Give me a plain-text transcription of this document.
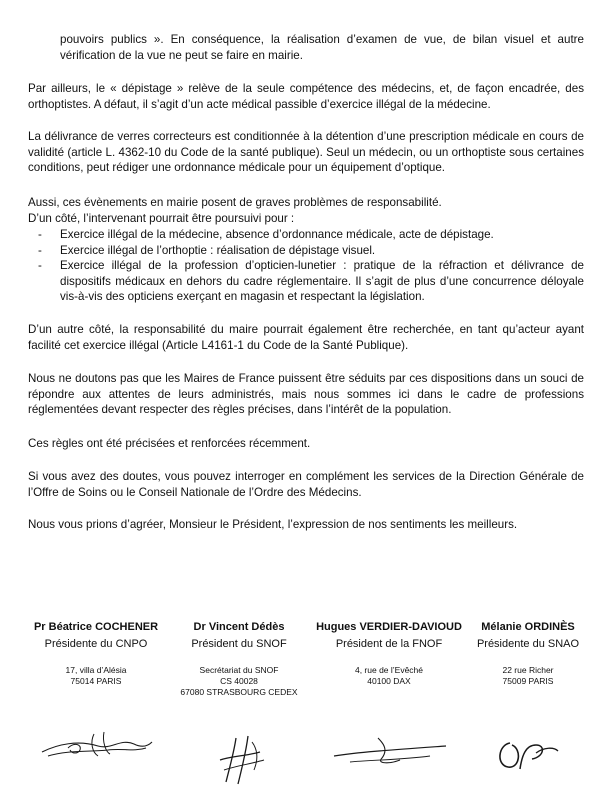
pouvoirs publics ». En conséquence, la réalisation d’examen de vue, de bilan visuel et autre vérification de la vue ne peut se faire en mairie.

Par ailleurs, le « dépistage » relève de la seule compétence des médecins, et, de façon encadrée, des orthoptistes. A défaut, il s’agit d’un acte médical passible d’exercice illégal de la médecine.

La délivrance de verres correcteurs est conditionnée à la détention d’une prescription médicale en cours de validité (article L. 4362-10 du Code de la santé publique). Seul un médecin, ou un orthoptiste sous certaines conditions, peut rédiger une ordonnance médicale pour un équipement d’optique.

Aussi, ces évènements en mairie posent de graves problèmes de responsabilité.

D’un côté, l’intervenant pourrait être poursuivi pour :

- Exercice illégal de la médecine, absence d’ordonnance médicale, acte de dépistage.
- Exercice illégal de l’orthoptie : réalisation de dépistage visuel.
- Exercice illégal de la profession d’opticien-lunetier : pratique de la réfraction et délivrance de dispositifs médicaux en dehors du cadre réglementaire. Il s’agit de plus d’une concurrence déloyale vis-à-vis des opticiens exerçant en magasin et respectant la législation.

D’un autre côté, la responsabilité du maire pourrait également être recherchée, en tant qu’acteur ayant facilité cet exercice illégal (Article L4161-1 du Code de la Santé Publique).

Nous ne doutons pas que les Maires de France puissent être séduits par ces dispositions dans un souci de répondre aux attentes de leurs administrés, mais nous sommes ici dans le cadre de professions réglementées devant respecter des règles précises, dans l’intérêt de la population.

Ces règles ont été précisées et renforcées récemment.

Si vous avez des doutes, vous pouvez interroger en complément les services de la Direction Générale de l’Offre de Soins ou le Conseil Nationale de l’Ordre des Médecins.

Nous vous prions d’agréer, Monsieur le Président, l’expression de nos sentiments les meilleurs.

Pr Béatrice COCHENER
Présidente du CNPO
17, villa d’Alésia
75014 PARIS
Dr Vincent Dédès
Président du SNOF
Secrétariat du SNOF
CS 40028
67080 STRASBOURG CEDEX
Hugues VERDIER-DAVIOUD
Président de la FNOF
4, rue de l’Evêché
40100 DAX
Mélanie ORDINÈS
Présidente du SNAO
22 rue Richer
75009 PARIS
